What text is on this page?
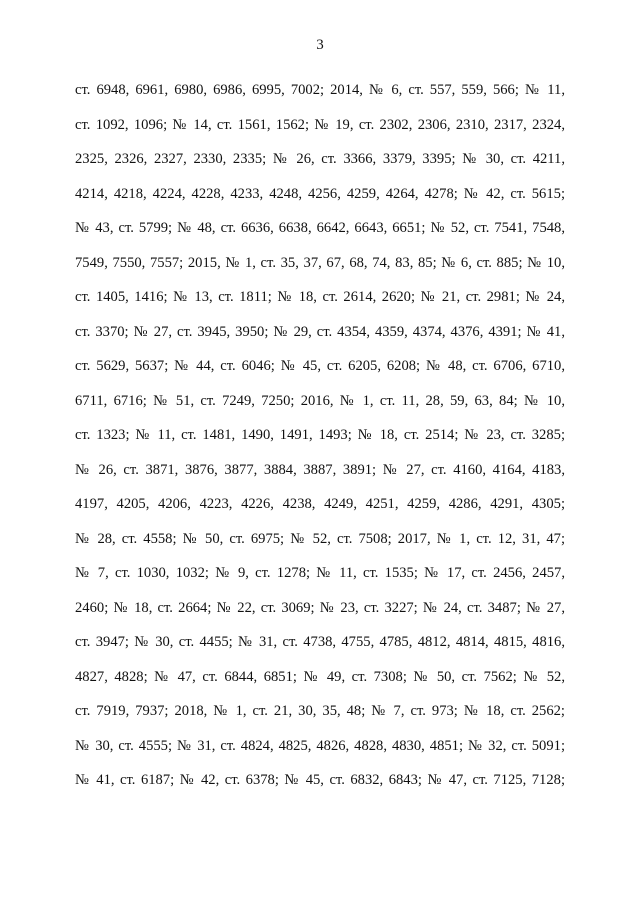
3
ст. 6948, 6961, 6980, 6986, 6995, 7002; 2014, № 6, ст. 557, 559, 566; № 11,
ст. 1092, 1096; № 14, ст. 1561, 1562; № 19, ст. 2302, 2306, 2310, 2317, 2324,
2325, 2326, 2327, 2330, 2335; № 26, ст. 3366, 3379, 3395; № 30, ст. 4211,
4214, 4218, 4224, 4228, 4233, 4248, 4256, 4259, 4264, 4278; № 42, ст. 5615;
№ 43, ст. 5799; № 48, ст. 6636, 6638, 6642, 6643, 6651; № 52, ст. 7541, 7548,
7549, 7550, 7557; 2015, № 1, ст. 35, 37, 67, 68, 74, 83, 85; № 6, ст. 885; № 10,
ст. 1405, 1416; № 13, ст. 1811; № 18, ст. 2614, 2620; № 21, ст. 2981; № 24,
ст. 3370; № 27, ст. 3945, 3950; № 29, ст. 4354, 4359, 4374, 4376, 4391; № 41,
ст. 5629, 5637; № 44, ст. 6046; № 45, ст. 6205, 6208; № 48, ст. 6706, 6710,
6711, 6716; № 51, ст. 7249, 7250; 2016, № 1, ст. 11, 28, 59, 63, 84; № 10,
ст. 1323; № 11, ст. 1481, 1490, 1491, 1493; № 18, ст. 2514; № 23, ст. 3285;
№ 26, ст. 3871, 3876, 3877, 3884, 3887, 3891; № 27, ст. 4160, 4164, 4183,
4197, 4205, 4206, 4223, 4226, 4238, 4249, 4251, 4259, 4286, 4291, 4305;
№ 28, ст. 4558; № 50, ст. 6975; № 52, ст. 7508; 2017, № 1, ст. 12, 31, 47;
№ 7, ст. 1030, 1032; № 9, ст. 1278; № 11, ст. 1535; № 17, ст. 2456, 2457,
2460; № 18, ст. 2664; № 22, ст. 3069; № 23, ст. 3227; № 24, ст. 3487; № 27,
ст. 3947; № 30, ст. 4455; № 31, ст. 4738, 4755, 4785, 4812, 4814, 4815, 4816,
4827, 4828; № 47, ст. 6844, 6851; № 49, ст. 7308; № 50, ст. 7562; № 52,
ст. 7919, 7937; 2018, № 1, ст. 21, 30, 35, 48; № 7, ст. 973; № 18, ст. 2562;
№ 30, ст. 4555; № 31, ст. 4824, 4825, 4826, 4828, 4830, 4851; № 32, ст. 5091;
№ 41, ст. 6187; № 42, ст. 6378; № 45, ст. 6832, 6843; № 47, ст. 7125, 7128;
